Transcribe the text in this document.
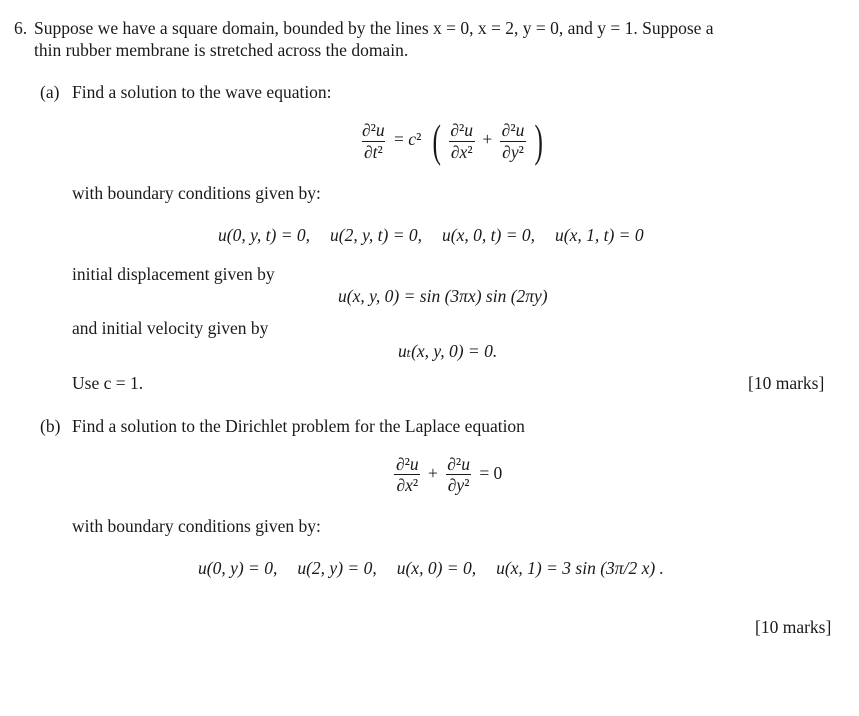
6. Suppose we have a square domain, bounded by the lines x = 0, x = 2, y = 0, and y = 1. Suppose a
thin rubber membrane is stretched across the domain.
(a) Find a solution to the wave equation:
$\frac{\text{∂²u}}{\text{∂t²}} = c^2$ ( $\frac{\text{∂²u}}{\text{∂x²}} + \frac{\text{∂²u}}{\text{∂y²}}$ )
with boundary conditions given by:
u(0, y, t) = 0, u(2, y, t) = 0, u(x, 0, t) = 0, u(x, 1, t) = 0
initial displacement given by
u(x, y, 0) = sin (3πx) sin (2πy)
and initial velocity given by
uₜ(x, y, 0) = 0.
Use c = 1.	[10 marks]
(b) Find a solution to the Dirichlet problem for the Laplace equation
$\frac{\text{∂²u}}{\text{∂x²}} + \frac{\text{∂²u}}{\text{∂y²}} = 0$
with boundary conditions given by:
u(0, y) = 0, u(2, y) = 0, u(x, 0) = 0, u(x, 1) = 3 sin (3π/2 x) .
[10 marks]
